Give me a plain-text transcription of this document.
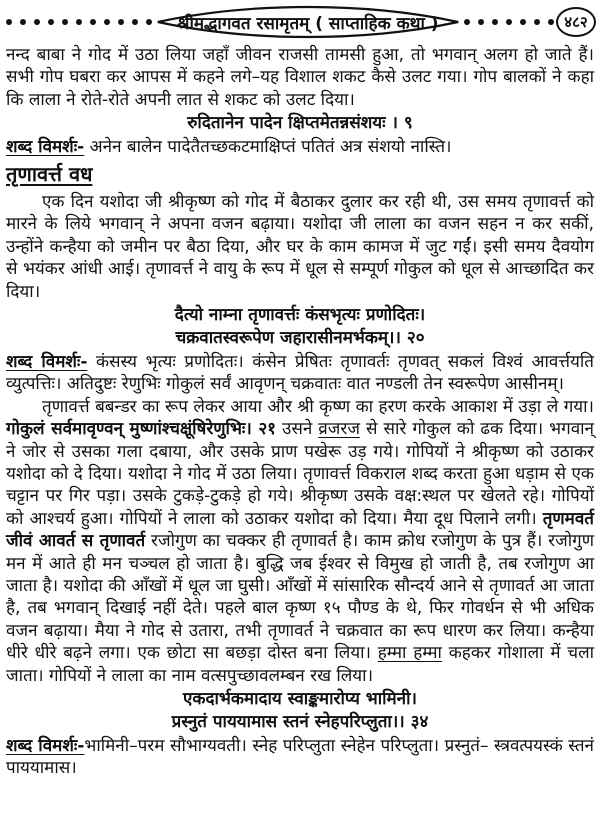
श्रीमद्भागवत रसामृतम् ( साप्ताहिक कथा )	४८२
नन्द बाबा ने गोद में उठा लिया जहाँ जीवन राजसी तामसी हुआ, तो भगवान् अलग हो जाते हैं। सभी गोप घबरा कर आपस में कहने लगे–यह विशाल शकट कैसे उलट गया। गोप बालकों ने कहा कि लाला ने रोते-रोते अपनी लात से शकट को उलट दिया।
रुदितानेन पादेन क्षिप्तमेतन्नसंशयः । ९
शब्द विमर्शः- अनेन बालेन पादेतैतच्छकटमाक्षिप्तं पतितं अत्र संशयो नास्ति।
तृणावर्त्त वध
एक दिन यशोदा जी श्रीकृष्ण को गोद में बैठाकर दुलार कर रही थी, उस समय तृणावर्त्त को मारने के लिये भगवान् ने अपना वजन बढ़ाया। यशोदा जी लाला का वजन सहन न कर सकीं, उन्होंने कन्हैया को जमीन पर बैठा दिया, और घर के काम कामज में जुट गईं। इसी समय दैवयोग से भयंकर आंधी आई। तृणावर्त्त ने वायु के रूप में धूल से सम्पूर्ण गोकुल को धूल से आच्छादित कर दिया।
दैत्यो नाम्ना तृणावर्त्तः कंसभृत्यः प्रणोदितः।
चक्रवातस्वरूपेण जहारासीनमर्भकम्।। २०
शब्द विमर्शः- कंसस्य भृत्यः प्रणोदितः। कंसेन प्रेषितः तृणावर्तः तृणवत् सकलं विश्वं आवर्त्तयति व्युत्पत्तिः। अतिदुष्टः रेणुभिः गोकुलं सर्वं आवृणन् चक्रवातः वात नण्डली तेन स्वरूपेण आसीनम्।
तृणावर्त्त बबन्डर का रूप लेकर आया और श्री कृष्ण का हरण करके आकाश में उड़ा ले गया। गोकुलं सर्वमावृण्वन् मुष्णांश्चक्षूंषिरेणुभिः। २१ उसने व्रजरज से सारे गोकुल को ढक दिया। भगवान् ने जोर से उसका गला दबाया, और उसके प्राण पखेरू उड़ गये। गोपियों ने श्रीकृष्ण को उठाकर यशोदा को दे दिया। यशोदा ने गोद में उठा लिया। तृणावर्त्त विकराल शब्द करता हुआ धड़ाम से एक चट्टान पर गिर पड़ा। उसके टुकड़े-टुकड़े हो गये। श्रीकृष्ण उसके वक्ष:स्थल पर खेलते रहे। गोपियों को आश्चर्य हुआ। गोपियों ने लाला को उठाकर यशोदा को दिया। मैया दूध पिलाने लगी। तृणमवर्त जीवं आवर्त स तृणावर्त रजोगुण का चक्कर ही तृणावर्त है। काम क्रोध रजोगुण के पुत्र हैं। रजोगुण मन में आते ही मन चञ्चल हो जाता है। बुद्धि जब ईश्वर से विमुख हो जाती है, तब रजोगुण आ जाता है। यशोदा की आँखों में धूल जा घुसी। आँखों में सांसारिक सौन्दर्य आने से तृणावर्त आ जाता है, तब भगवान् दिखाई नहीं देते। पहले बाल कृष्ण १५ पौण्ड के थे, फिर गोवर्धन से भी अधिक वजन बढ़ाया। मैया ने गोद से उतारा, तभी तृणावर्त ने चक्रवात का रूप धारण कर लिया। कन्हैया धीरे धीरे बढ़ने लगा। एक छोटा सा बछड़ा दोस्त बना लिया। हम्मा हम्मा कहकर गोशाला में चला जाता। गोपियों ने लाला का नाम वत्सपुच्छावलम्बन रख लिया।
एकदार्भकमादाय स्वाङ्कमारोप्य भामिनी।
प्रस्नुतं पाययामास स्तनं स्नेहपरिप्लुता।। ३४
शब्द विमर्शः-भामिनी–परम सौभाग्यवती। स्नेह परिप्लुता स्नेहेन परिप्लुता। प्रस्नुतं– स्त्रवत्पयस्कं स्तनं पाययामास।
